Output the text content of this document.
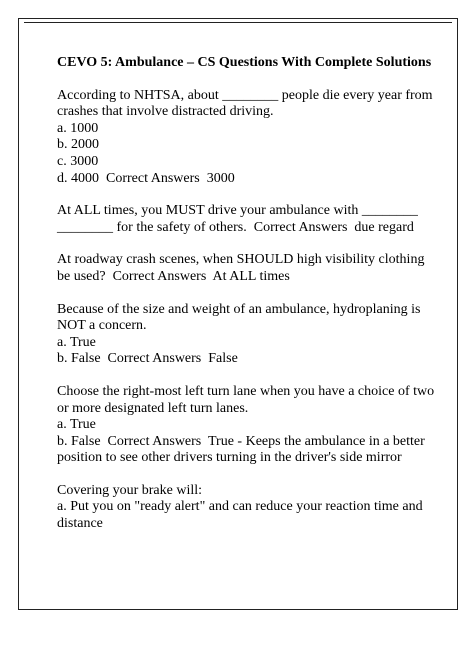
CEVO 5: Ambulance – CS Questions With Complete Solutions
According to NHTSA, about ________ people die every year from crashes that involve distracted driving.
a. 1000
b. 2000
c. 3000
d. 4000  Correct Answers  3000
At ALL times, you MUST drive your ambulance with ________ ________ for the safety of others.  Correct Answers  due regard
At roadway crash scenes, when SHOULD high visibility clothing be used?  Correct Answers  At ALL times
Because of the size and weight of an ambulance, hydroplaning is NOT a concern.
a. True
b. False  Correct Answers  False
Choose the right-most left turn lane when you have a choice of two or more designated left turn lanes.
a. True
b. False  Correct Answers  True - Keeps the ambulance in a better position to see other drivers turning in the driver's side mirror
Covering your brake will:
a. Put you on "ready alert" and can reduce your reaction time and distance
